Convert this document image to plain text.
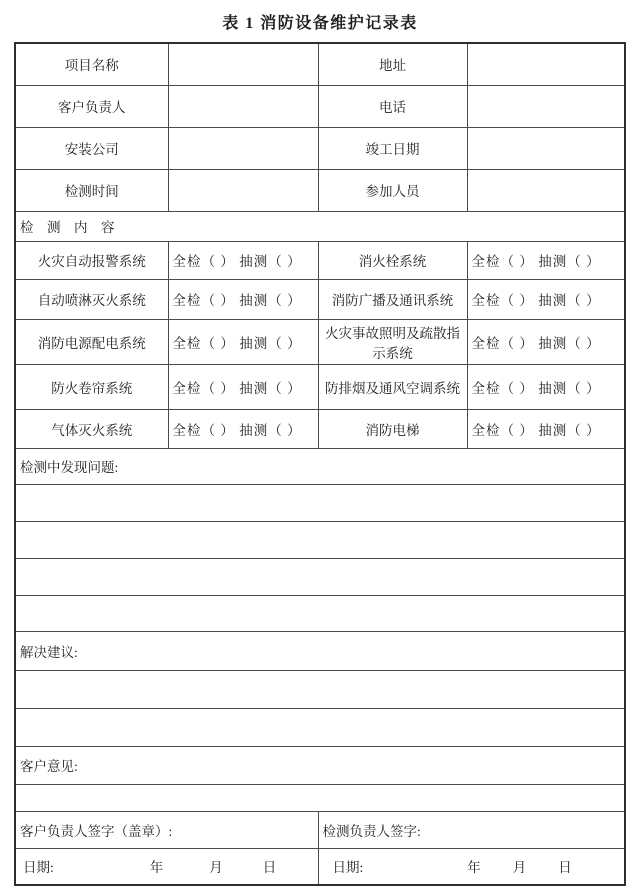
表 1 消防设备维护记录表
项目名称		地址	
客户负责人		电话	
安装公司		竣工日期	
检测时间		参加人员	
检　测　内　容			
火灾自动报警系统	全检（ ） 抽测（ ）	消火栓系统	全检（ ） 抽测（ ）
自动喷淋灭火系统	全检（ ） 抽测（ ）	消防广播及通讯系统	全检（ ） 抽测（ ）
消防电源配电系统	全检（ ） 抽测（ ）	火灾事故照明及疏散指示系统	全检（ ） 抽测（ ）
防火卷帘系统	全检（ ） 抽测（ ）	防排烟及通风空调系统	全检（ ） 抽测（ ）
气体灭火系统	全检（ ） 抽测（ ）	消防电梯	全检（ ） 抽测（ ）
检测中发现问题:			

解决建议:			

客户意见:			

客户负责人签字（盖章）:		检测负责人签字:	

日期: 年 月 日		日期: 年 月 日	
